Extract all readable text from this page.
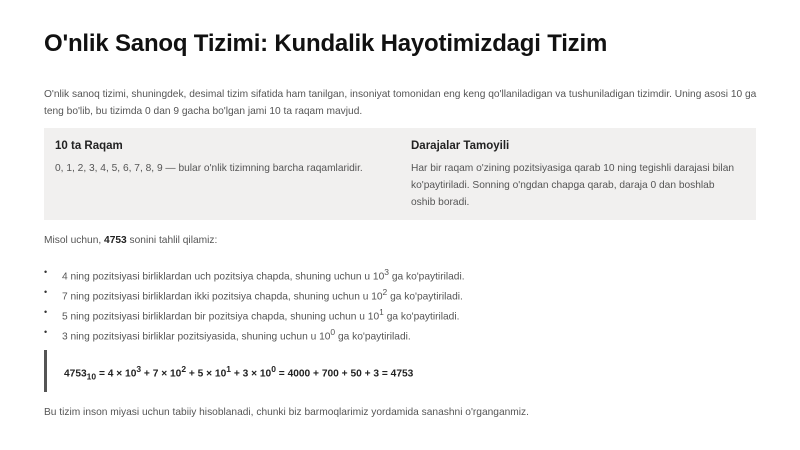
O'nlik Sanoq Tizimi: Kundalik Hayotimizdagi Tizim

O'nlik sanoq tizimi, shuningdek, desimal tizim sifatida ham tanilgan, insoniyat tomonidan eng keng qo'llaniladigan va tushuniladigan tizimdir. Uning asosi 10 ga teng bo'lib, bu tizimda 0 dan 9 gacha bo'lgan jami 10 ta raqam mavjud.

10 ta Raqam

0, 1, 2, 3, 4, 5, 6, 7, 8, 9 — bular o'nlik tizimning barcha raqamlaridir.

Darajalar Tamoyili

Har bir raqam o'zining pozitsiyasiga qarab 10 ning tegishli darajasi bilan ko'paytiriladi. Sonning o'ngdan chapga qarab, daraja 0 dan boshlab oshib boradi.

Misol uchun, 4753 sonini tahlil qilamiz:

• 4 ning pozitsiyasi birliklardan uch pozitsiya chapda, shuning uchun u $10^3$ ga ko'paytiriladi.
• 7 ning pozitsiyasi birliklardan ikki pozitsiya chapda, shuning uchun u $10^2$ ga ko'paytiriladi.
• 5 ning pozitsiyasi birliklardan bir pozitsiya chapda, shuning uchun u $10^1$ ga ko'paytiriladi.
• 3 ning pozitsiyasi birliklar pozitsiyasida, shuning uchun u $10^0$ ga ko'paytiriladi.
$4753_{10} = 4 \times 10^3 + 7 \times 10^2 + 5 \times 10^1 + 3 \times 10^0 = 4000 + 700 + 50 + 3 = 4753$

Bu tizim inson miyasi uchun tabiiy hisoblanadi, chunki biz barmoqlarimiz yordamida sanashni o'rganganmiz.
